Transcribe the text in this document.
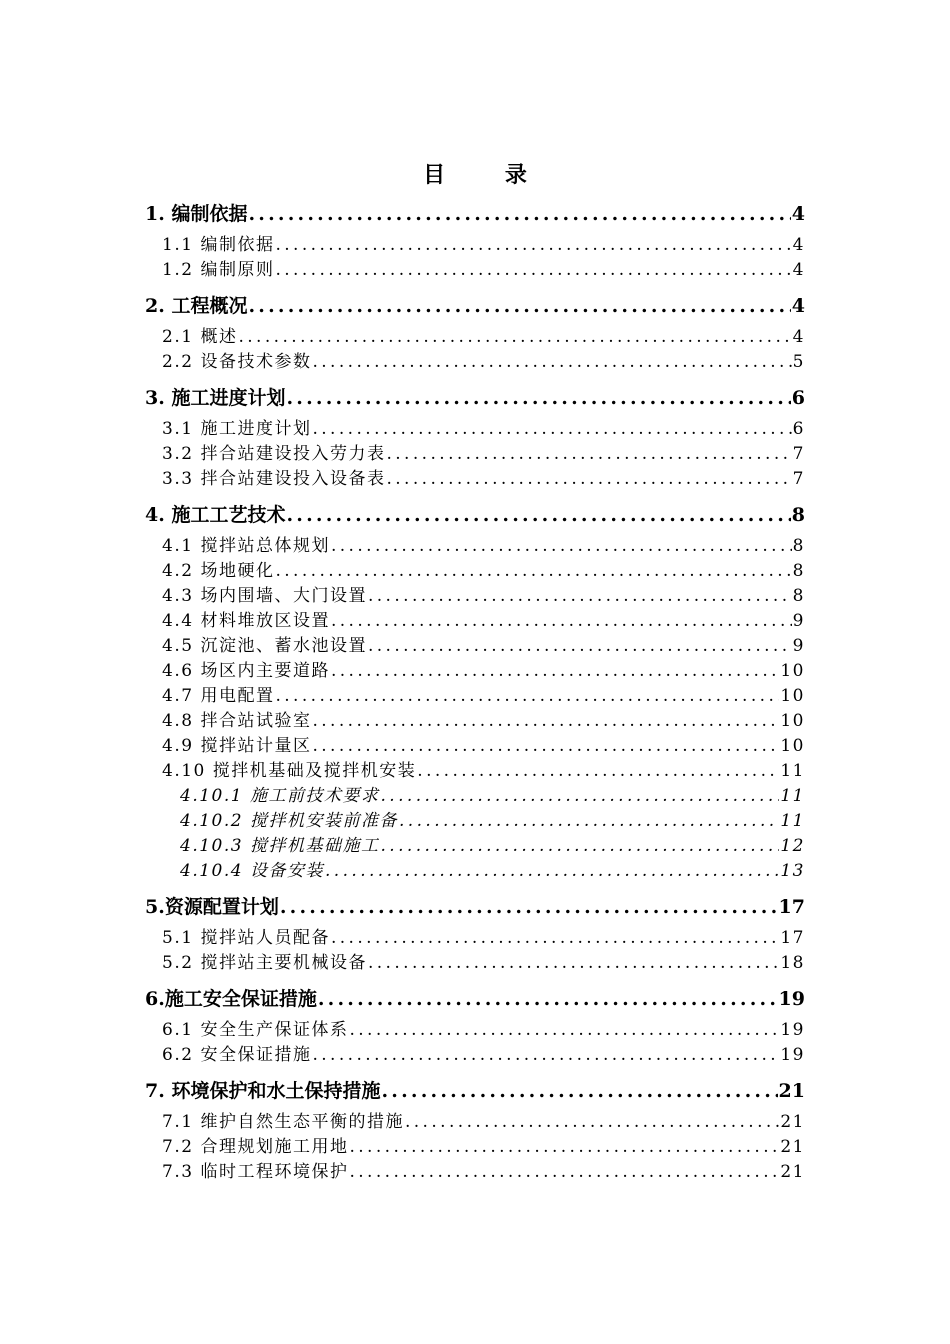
目 录
1. 编制依据 .....	4
1.1 编制依据 .....	4
1.2 编制原则 .....	4
2. 工程概况 .....	4
2.1 概述 .....	4
2.2 设备技术参数 .....	5
3. 施工进度计划 .....	6
3.1 施工进度计划 .....	6
3.2 拌合站建设投入劳力表 .....	7
3.3 拌合站建设投入设备表 .....	7
4. 施工工艺技术 .....	8
4.1 搅拌站总体规划 .....	8
4.2 场地硬化 .....	8
4.3 场内围墙、大门设置 .....	8
4.4 材料堆放区设置 .....	9
4.5 沉淀池、蓄水池设置 .....	9
4.6 场区内主要道路 .....	10
4.7 用电配置 .....	10
4.8 拌合站试验室 .....	10
4.9 搅拌站计量区 .....	10
4.10 搅拌机基础及搅拌机安装 .....	11
4.10.1 施工前技术要求 .....	11
4.10.2 搅拌机安装前准备 .....	11
4.10.3 搅拌机基础施工 .....	12
4.10.4 设备安装 .....	13
5.资源配置计划 .....	17
5.1 搅拌站人员配备 .....	17
5.2 搅拌站主要机械设备 .....	18
6.施工安全保证措施 .....	19
6.1 安全生产保证体系 .....	19
6.2 安全保证措施 .....	19
7. 环境保护和水土保持措施 .....	21
7.1 维护自然生态平衡的措施 .....	21
7.2 合理规划施工用地 .....	21
7.3 临时工程环境保护 .....	21
